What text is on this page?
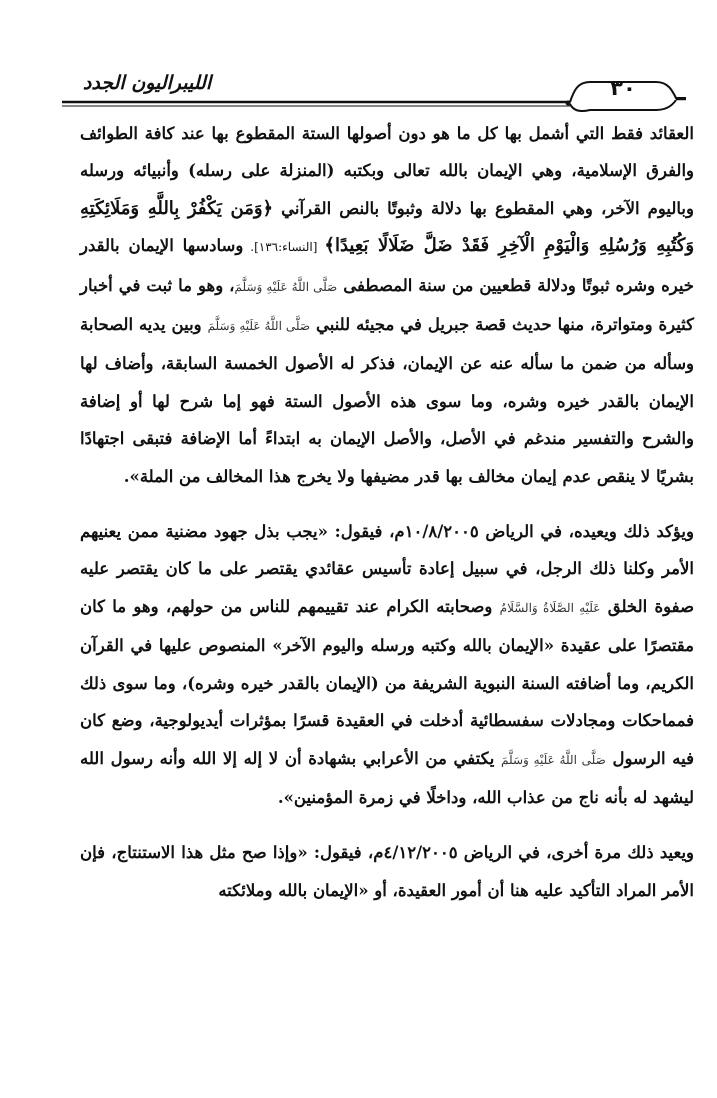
الليبراليون الجدد	٣٠

العقائد فقط التي أشمل بها كل ما هو دون أصولها الستة المقطوع بها عند كافة الطوائف والفرق الإسلامية، وهي الإيمان بالله تعالى وبكتبه (المنزلة على رسله) وأنبيائه ورسله وباليوم الآخر، وهي المقطوع بها دلالة وثبوتًا بالنص القرآني ﴿وَمَن يَكْفُرْ بِاللَّهِ وَمَلَائِكَتِهِ وَكُتُبِهِ وَرُسُلِهِ وَالْيَوْمِ الْآخِرِ فَقَدْ ضَلَّ ضَلَالًا بَعِيدًا﴾ [النساء:١٣٦]. وسادسها الإيمان بالقدر خيره وشره ثبوتًا ودلالة قطعيين من سنة المصطفى صَلَّى اللَّهُ عَلَيْهِ وَسَلَّمَ، وهو ما ثبت في أخبار كثيرة ومتواترة، منها حديث قصة جبريل في مجيئه للنبي صَلَّى اللَّهُ عَلَيْهِ وَسَلَّمَ وبين يديه الصحابة وسأله من ضمن ما سأله عنه عن الإيمان، فذكر له الأصول الخمسة السابقة، وأضاف لها الإيمان بالقدر خيره وشره، وما سوى هذه الأصول الستة فهو إما شرح لها أو إضافة والشرح والتفسير مندغم في الأصل، والأصل الإيمان به ابتداءً أما الإضافة فتبقى اجتهادًا بشريًا لا ينقص عدم إيمان مخالف بها قدر مضيفها ولا يخرج هذا المخالف من الملة».

ويؤكد ذلك ويعيده، في الرياض ١٠/٨/٢٠٠٥م، فيقول: «يجب بذل جهود مضنية ممن يعنيهم الأمر وكلنا ذلك الرجل، في سبيل إعادة تأسيس عقائدي يقتصر على ما كان يقتصر عليه صفوة الخلق عَلَيْهِ الصَّلَاةُ وَالسَّلَامُ وصحابته الكرام عند تقييمهم للناس من حولهم، وهو ما كان مقتصرًا على عقيدة «الإيمان بالله وكتبه ورسله واليوم الآخر» المنصوص عليها في القرآن الكريم، وما أضافته السنة النبوية الشريفة من (الإيمان بالقدر خيره وشره)، وما سوى ذلك فمماحكات ومجادلات سفسطائية أدخلت في العقيدة قسرًا بمؤثرات أيديولوجية، وضع كان فيه الرسول صَلَّى اللَّهُ عَلَيْهِ وَسَلَّمَ يكتفي من الأعرابي بشهادة أن لا إله إلا الله وأنه رسول الله ليشهد له بأنه ناج من عذاب الله، وداخلًا في زمرة المؤمنين».

ويعيد ذلك مرة أخرى، في الرياض ٤/١٢/٢٠٠٥م، فيقول: «وإذا صح مثل هذا الاستنتاج، فإن الأمر المراد التأكيد عليه هنا أن أمور العقيدة، أو «الإيمان بالله وملائكته
